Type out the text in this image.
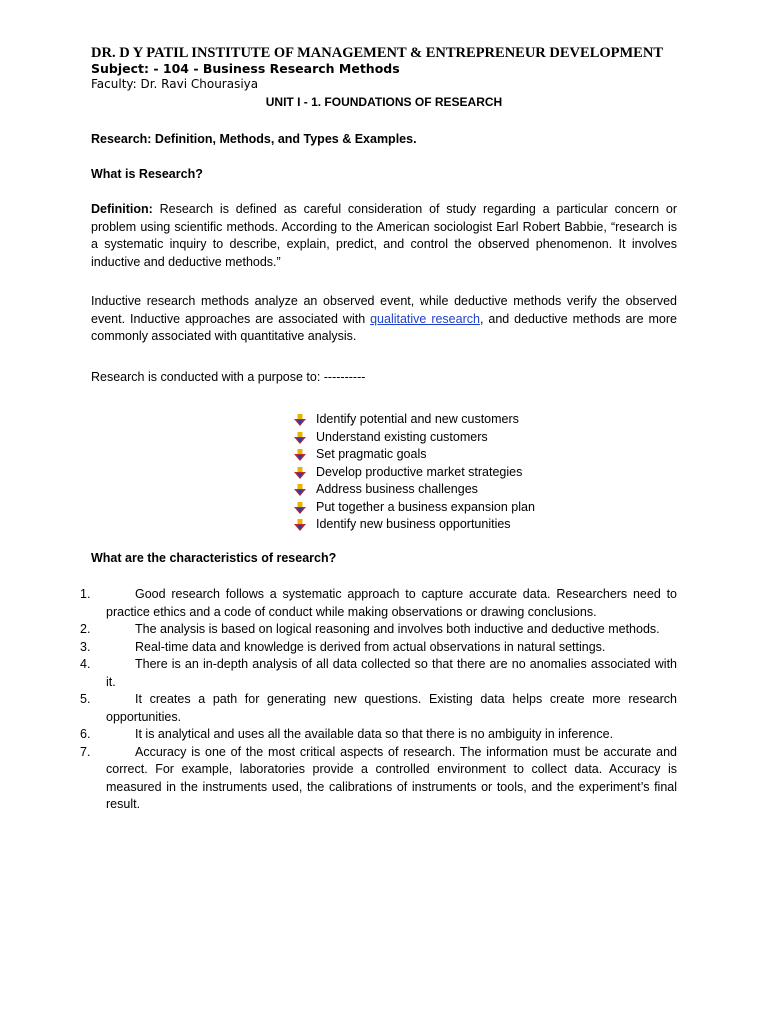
DR. D Y PATIL INSTITUTE OF MANAGEMENT & ENTREPRENEUR DEVELOPMENT
Subject: - 104 - Business Research Methods
Faculty: Dr. Ravi Chourasiya
UNIT I - 1. FOUNDATIONS OF RESEARCH
Research: Definition, Methods, and Types & Examples.
What is Research?
Definition: Research is defined as careful consideration of study regarding a particular concern or problem using scientific methods. According to the American sociologist Earl Robert Babbie, “research is a systematic inquiry to describe, explain, predict, and control the observed phenomenon. It involves inductive and deductive methods.”
Inductive research methods analyze an observed event, while deductive methods verify the observed event. Inductive approaches are associated with qualitative research, and deductive methods are more commonly associated with quantitative analysis.
Research is conducted with a purpose to: ----------
Identify potential and new customers
Understand existing customers
Set pragmatic goals
Develop productive market strategies
Address business challenges
Put together a business expansion plan
Identify new business opportunities
What are the characteristics of research?
1.	Good research follows a systematic approach to capture accurate data. Researchers need to practice ethics and a code of conduct while making observations or drawing conclusions.
2.	The analysis is based on logical reasoning and involves both inductive and deductive methods.
3.	Real-time data and knowledge is derived from actual observations in natural settings.
4.	There is an in-depth analysis of all data collected so that there are no anomalies associated with it.
5.	It creates a path for generating new questions. Existing data helps create more research opportunities.
6.	It is analytical and uses all the available data so that there is no ambiguity in inference.
7.	Accuracy is one of the most critical aspects of research. The information must be accurate and correct. For example, laboratories provide a controlled environment to collect data. Accuracy is measured in the instruments used, the calibrations of instruments or tools, and the experiment’s final result.
